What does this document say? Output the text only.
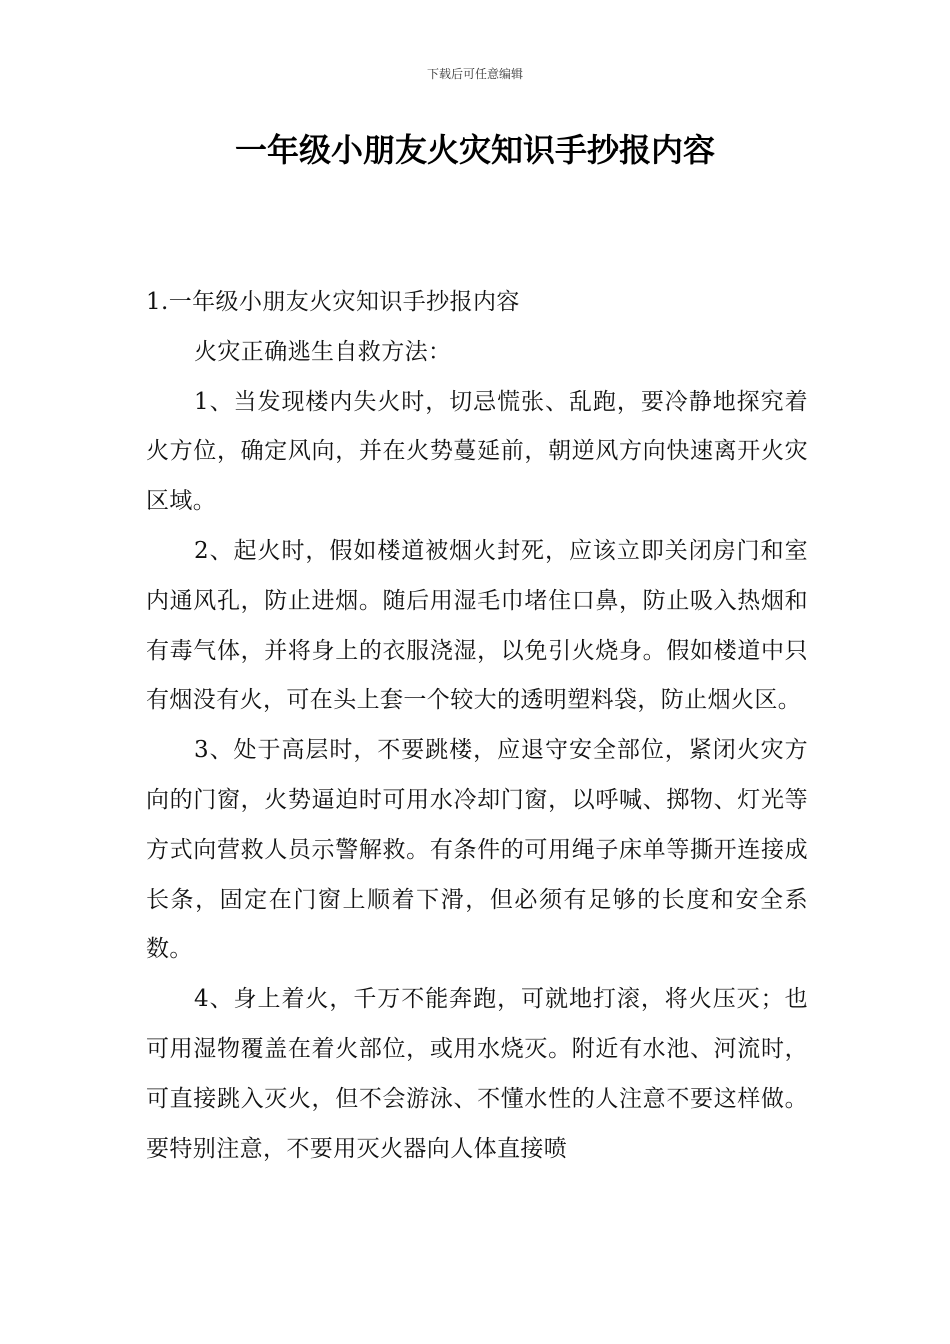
下载后可任意编辑
一年级小朋友火灾知识手抄报内容

1.一年级小朋友火灾知识手抄报内容

火灾正确逃生自救方法：

1、当发现楼内失火时，切忌慌张、乱跑，要冷静地探究着火方位，确定风向，并在火势蔓延前，朝逆风方向快速离开火灾区域。

2、起火时，假如楼道被烟火封死，应该立即关闭房门和室内通风孔，防止进烟。随后用湿毛巾堵住口鼻，防止吸入热烟和有毒气体，并将身上的衣服浇湿，以免引火烧身。假如楼道中只有烟没有火，可在头上套一个较大的透明塑料袋，防止烟火区。

3、处于高层时，不要跳楼，应退守安全部位，紧闭火灾方向的门窗，火势逼迫时可用水冷却门窗，以呼喊、掷物、灯光等方式向营救人员示警解救。有条件的可用绳子床单等撕开连接成长条，固定在门窗上顺着下滑，但必须有足够的长度和安全系数。

4、身上着火，千万不能奔跑，可就地打滚，将火压灭；也可用湿物覆盖在着火部位，或用水烧灭。附近有水池、河流时，可直接跳入灭火，但不会游泳、不懂水性的人注意不要这样做。要特别注意，不要用灭火器向人体直接喷
